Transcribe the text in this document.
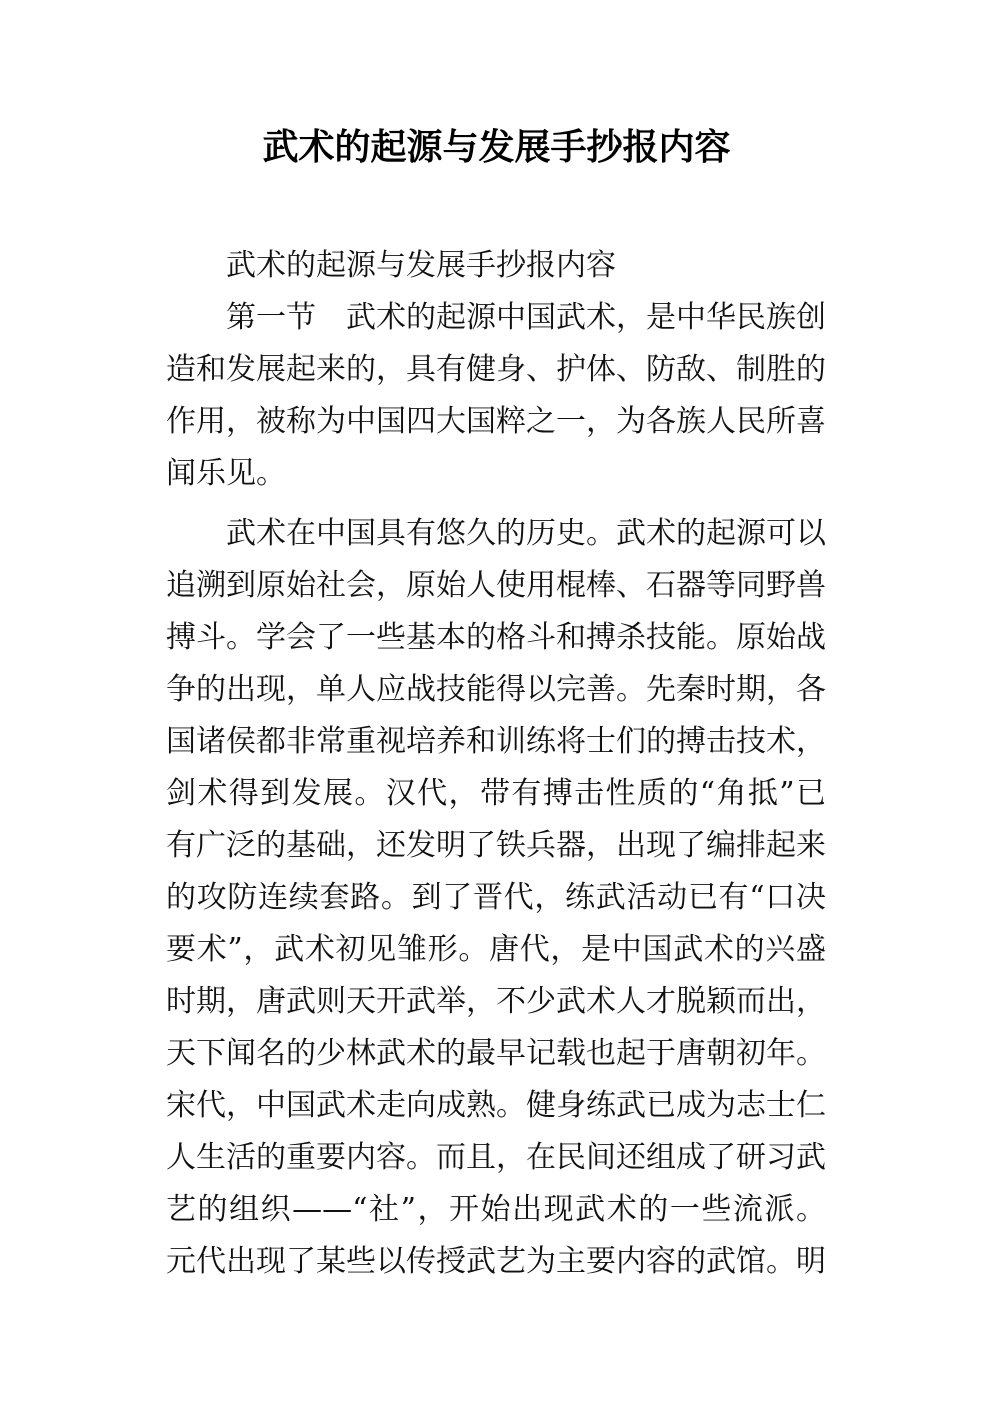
武术的起源与发展手抄报内容

武术的起源与发展手抄报内容

第一节　武术的起源中国武术，是中华民族创造和发展起来的，具有健身、护体、防敌、制胜的作用，被称为中国四大国粹之一，为各族人民所喜闻乐见。

武术在中国具有悠久的历史。武术的起源可以追溯到原始社会，原始人使用棍棒、石器等同野兽搏斗。学会了一些基本的格斗和搏杀技能。原始战争的出现，单人应战技能得以完善。先秦时期，各国诸侯都非常重视培养和训练将士们的搏击技术，剑术得到发展。汉代，带有搏击性质的“角抵”已有广泛的基础，还发明了铁兵器，出现了编排起来的攻防连续套路。到了晋代，练武活动已有“口决要术”，武术初见雏形。唐代，是中国武术的兴盛时期，唐武则天开武举，不少武术人才脱颖而出，天下闻名的少林武术的最早记载也起于唐朝初年。宋代，中国武术走向成熟。健身练武已成为志士仁人生活的重要内容。而且，在民间还组成了研习武艺的组织——“社”，开始出现武术的一些流派。元代出现了某些以传授武艺为主要内容的武馆。明
